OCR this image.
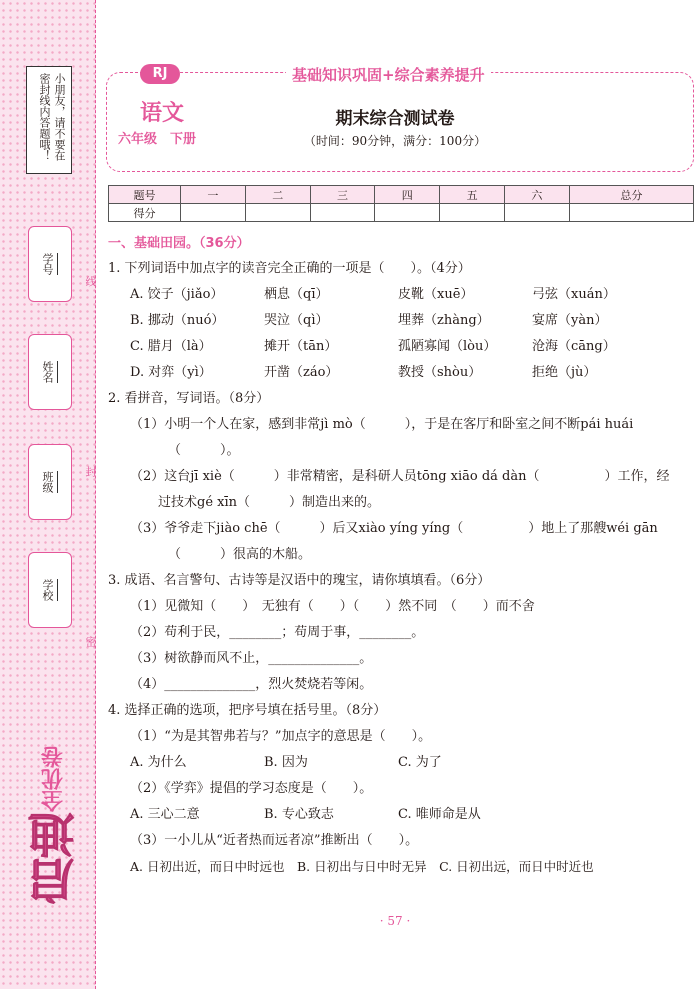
小朋友，请不要在密封线内答题哦！
学号
姓名
班级
学校
线
封
密
启迪
全优卷
RJ	基础知识巩固+综合素养提升
语文
六年级　下册
期末综合测试卷
（时间：90分钟，满分：100分）
题号	一	二	三	四	五	六	总分
得分							
一、基础田园。（36分）
1. 下列词语中加点字的读音完全正确的一项是（　　）。（4分）
A. 饺子（jiǎo）	栖息（qī）	皮靴（xuē）	弓弦（xuán）
B. 挪动（nuó）	哭泣（qì）	埋葬（zhàng）	宴席（yàn）
C. 腊月（là）	摊开（tān）	孤陋寡闻（lòu）	沧海（cāng）
D. 对弈（yì）	开凿（záo）	教授（shòu）	拒绝（jù）
2. 看拼音，写词语。（8分）
（1）小明一个人在家，感到非常jì mò（　　　），于是在客厅和卧室之间不断pái huái
（　　　）。
（2）这台jī xiè（　　　）非常精密，是科研人员tōng xiāo dá dàn（　　　　　）工作，经
过技术gé xīn（　　　）制造出来的。
（3）爷爷走下jiào chē（　　　）后又xiào yíng yíng（　　　　　）地上了那艘wéi gān
（　　　）很高的木船。
3. 成语、名言警句、古诗等是汉语中的瑰宝，请你填填看。（6分）
（1）见微知（　　）　无独有（　　）（　　）然不同　（　　）而不舍
（2）苟利于民，________；苟周于事，________。
（3）树欲静而风不止，______________。
（4）______________，烈火焚烧若等闲。
4. 选择正确的选项，把序号填在括号里。（8分）
（1）“为是其智弗若与？”加点字的意思是（　　）。
A. 为什么	B. 因为	C. 为了
（2）《学弈》提倡的学习态度是（　　）。
A. 三心二意	B. 专心致志	C. 唯师命是从
（3）一小儿从“近者热而远者凉”推断出（　　）。
A. 日初出近，而日中时远也　B. 日初出与日中时无异　C. 日初出远，而日中时近也
· 57 ·
